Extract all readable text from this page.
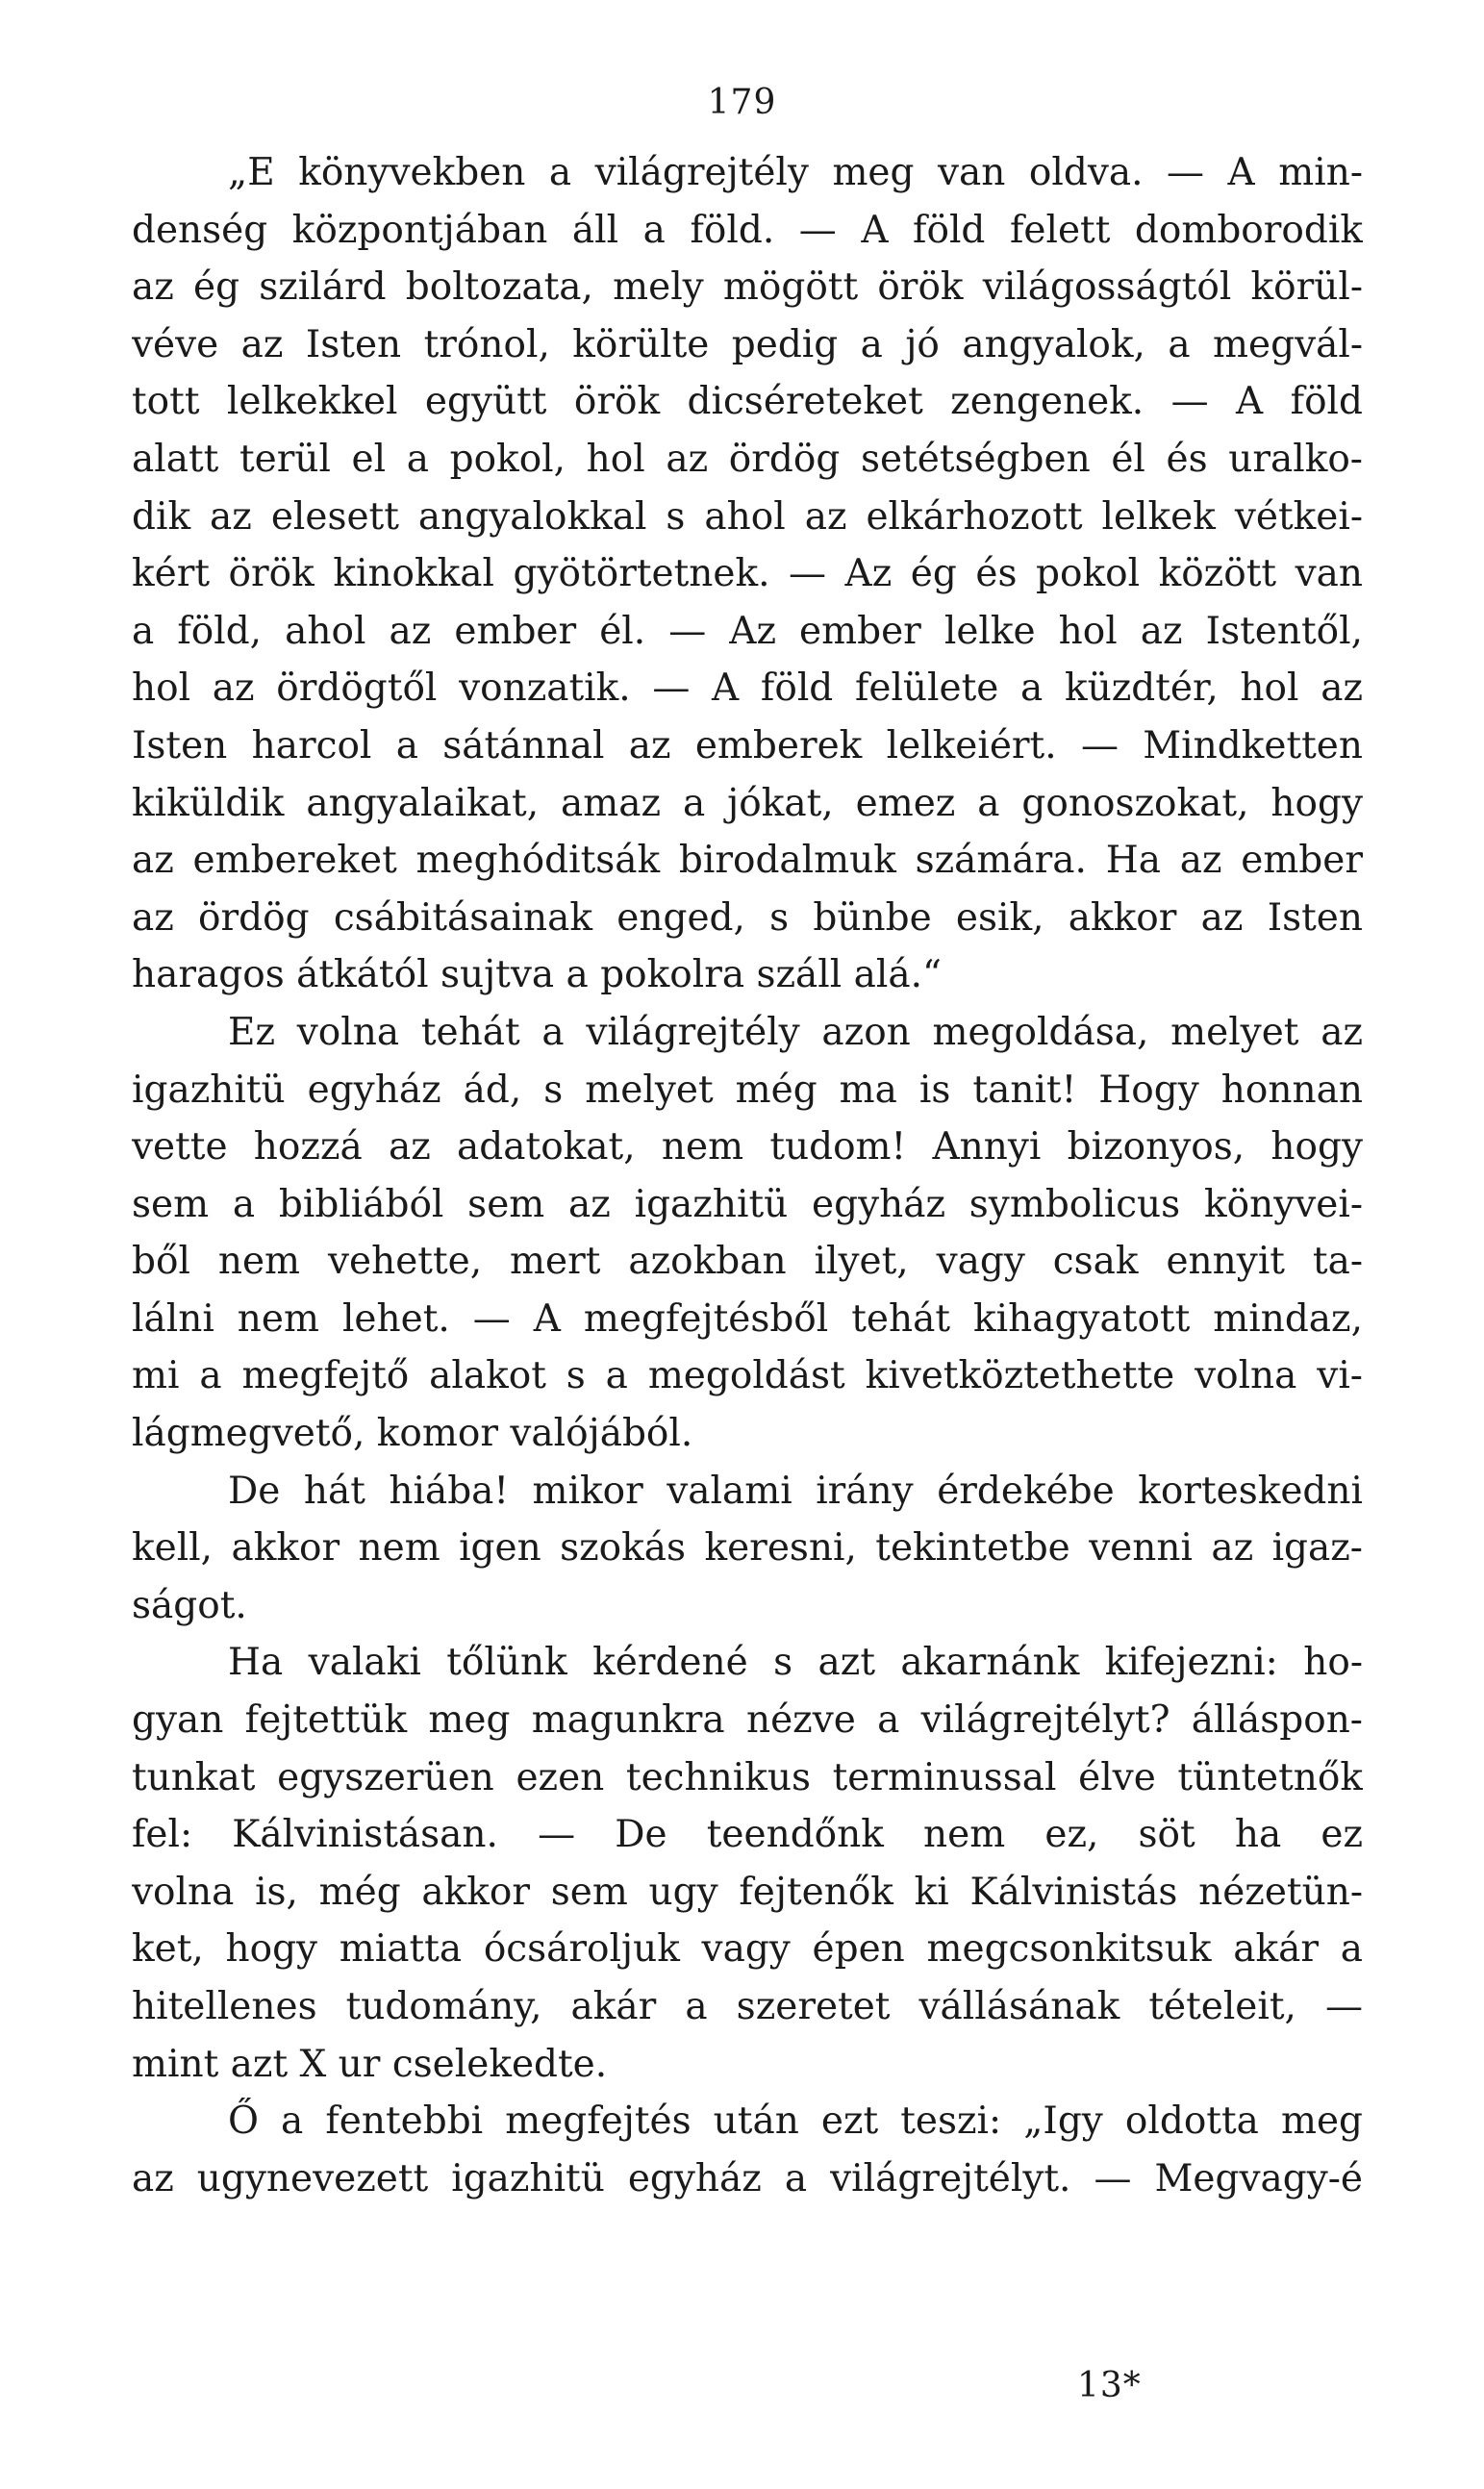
179
„E könyvekben a világrejtély meg van oldva. — A min-
denség központjában áll a föld. — A föld felett domborodik
az ég szilárd boltozata, mely mögött örök világosságtól körül-
véve az Isten trónol, körülte pedig a jó angyalok, a megvál-
tott lelkekkel együtt örök dicséreteket zengenek. — A föld
alatt terül el a pokol, hol az ördög setétségben él és uralko-
dik az elesett angyalokkal s ahol az elkárhozott lelkek vétkei-
kért örök kinokkal gyötörtetnek. — Az ég és pokol között van
a föld, ahol az ember él. — Az ember lelke hol az Istentől,
hol az ördögtől vonzatik. — A föld felülete a küzdtér, hol az
Isten harcol a sátánnal az emberek lelkeiért. — Mindketten
kiküldik angyalaikat, amaz a jókat, emez a gonoszokat, hogy
az embereket meghóditsák birodalmuk számára. Ha az ember
az ördög csábitásainak enged, s bünbe esik, akkor az Isten
haragos átkától sujtva a pokolra száll alá.“
Ez volna tehát a világrejtély azon megoldása, melyet az
igazhitü egyház ád, s melyet még ma is tanit! Hogy honnan
vette hozzá az adatokat, nem tudom! Annyi bizonyos, hogy
sem a bibliából sem az igazhitü egyház symbolicus könyvei-
ből nem vehette, mert azokban ilyet, vagy csak ennyit ta-
lálni nem lehet. — A megfejtésből tehát kihagyatott mindaz,
mi a megfejtő alakot s a megoldást kivetköztethette volna vi-
lágmegvető, komor valójából.
De hát hiába! mikor valami irány érdekébe korteskedni
kell, akkor nem igen szokás keresni, tekintetbe venni az igaz-
ságot.
Ha valaki tőlünk kérdené s azt akarnánk kifejezni: ho-
gyan fejtettük meg magunkra nézve a világrejtélyt? álláspon-
tunkat egyszerüen ezen technikus terminussal élve tüntetnők
fel: Kálvinistásan. — De teendőnk nem ez, söt ha ez
volna is, még akkor sem ugy fejtenők ki Kálvinistás nézetün-
ket, hogy miatta ócsároljuk vagy épen megcsonkitsuk akár a
hitellenes tudomány, akár a szeretet vállásának tételeit, —
mint azt X ur cselekedte.
Ő a fentebbi megfejtés után ezt teszi: „Igy oldotta meg
az ugynevezett igazhitü egyház a világrejtélyt. — Megvagy-é
13*
